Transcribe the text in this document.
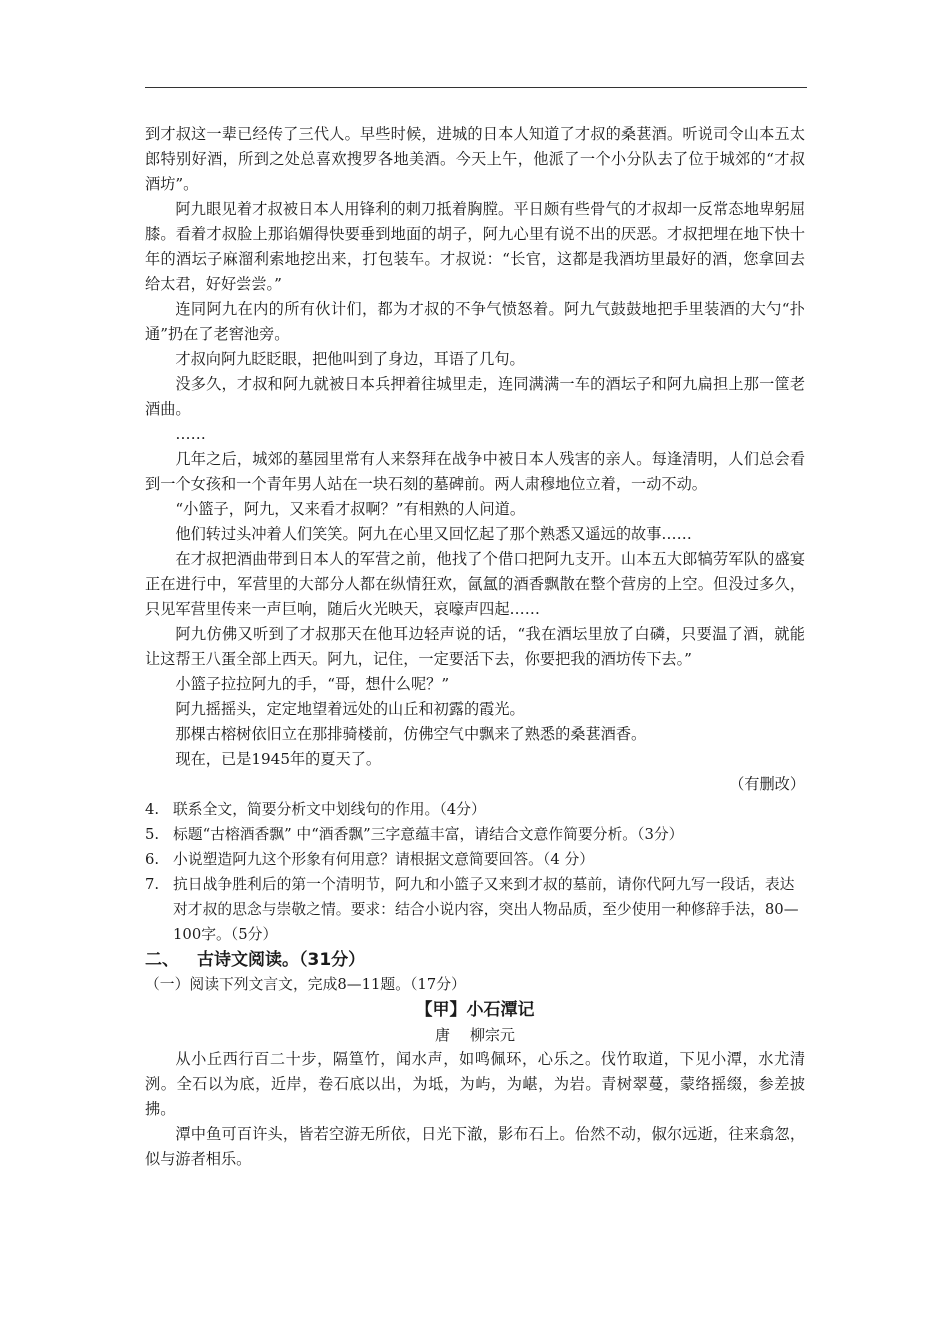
到才叔这一辈已经传了三代人。早些时候，进城的日本人知道了才叔的桑葚酒。听说司令山本五太郎特别好酒，所到之处总喜欢搜罗各地美酒。今天上午，他派了一个小分队去了位于城郊的“才叔酒坊”。

阿九眼见着才叔被日本人用锋利的刺刀抵着胸膛。平日颇有些骨气的才叔却一反常态地卑躬屈膝。看着才叔脸上那谄媚得快要垂到地面的胡子，阿九心里有说不出的厌恶。才叔把埋在地下快十年的酒坛子麻溜利索地挖出来，打包装车。才叔说：“长官，这都是我酒坊里最好的酒，您拿回去给太君，好好尝尝。”

连同阿九在内的所有伙计们，都为才叔的不争气愤怒着。阿九气鼓鼓地把手里装酒的大勺“扑通”扔在了老窖池旁。

才叔向阿九眨眨眼，把他叫到了身边，耳语了几句。

没多久，才叔和阿九就被日本兵押着往城里走，连同满满一车的酒坛子和阿九扁担上那一筐老酒曲。

……

几年之后，城郊的墓园里常有人来祭拜在战争中被日本人残害的亲人。每逢清明，人们总会看到一个女孩和一个青年男人站在一块石刻的墓碑前。两人肃穆地位立着，一动不动。

“小篮子，阿九，又来看才叔啊？”有相熟的人问道。

他们转过头冲着人们笑笑。阿九在心里又回忆起了那个熟悉又遥远的故事……

在才叔把酒曲带到日本人的军营之前，他找了个借口把阿九支开。山本五大郎犒劳军队的盛宴正在进行中，军营里的大部分人都在纵情狂欢，氤氲的酒香飘散在整个营房的上空。但没过多久，只见军营里传来一声巨响，随后火光映天，哀嚎声四起……

阿九仿佛又听到了才叔那天在他耳边轻声说的话，“我在酒坛里放了白磷，只要温了酒，就能让这帮王八蛋全部上西天。阿九，记住，一定要活下去，你要把我的酒坊传下去。”

小篮子拉拉阿九的手，“哥，想什么呢？”

阿九摇摇头，定定地望着远处的山丘和初露的霞光。

那棵古榕树依旧立在那排骑楼前，仿佛空气中飘来了熟悉的桑葚酒香。

现在，已是1945年的夏天了。

（有删改）

4. 联系全文，简要分析文中划线句的作用。（4分）
5. 标题“古榕酒香飘” 中“酒香飘”三字意蕴丰富，请结合文意作简要分析。（3分）
6. 小说塑造阿九这个形象有何用意？请根据文意简要回答。（4 分）
7. 抗日战争胜利后的第一个清明节，阿九和小篮子又来到才叔的墓前，请你代阿九写一段话，表达对才叔的思念与崇敬之情。要求：结合小说内容，突出人物品质，至少使用一种修辞手法，80—100字。（5分）

二、 古诗文阅读。（31分）

（一）阅读下列文言文，完成8—11题。（17分）

【甲】小石潭记

唐 柳宗元

从小丘西行百二十步，隔篁竹，闻水声，如鸣佩环，心乐之。伐竹取道，下见小潭，水尤清洌。全石以为底，近岸，卷石底以出，为坻，为屿，为嵁，为岩。青树翠蔓，蒙络摇缀，参差披拂。

潭中鱼可百许头，皆若空游无所依，日光下澈，影布石上。佁然不动，俶尔远逝，往来翕忽，似与游者相乐。
